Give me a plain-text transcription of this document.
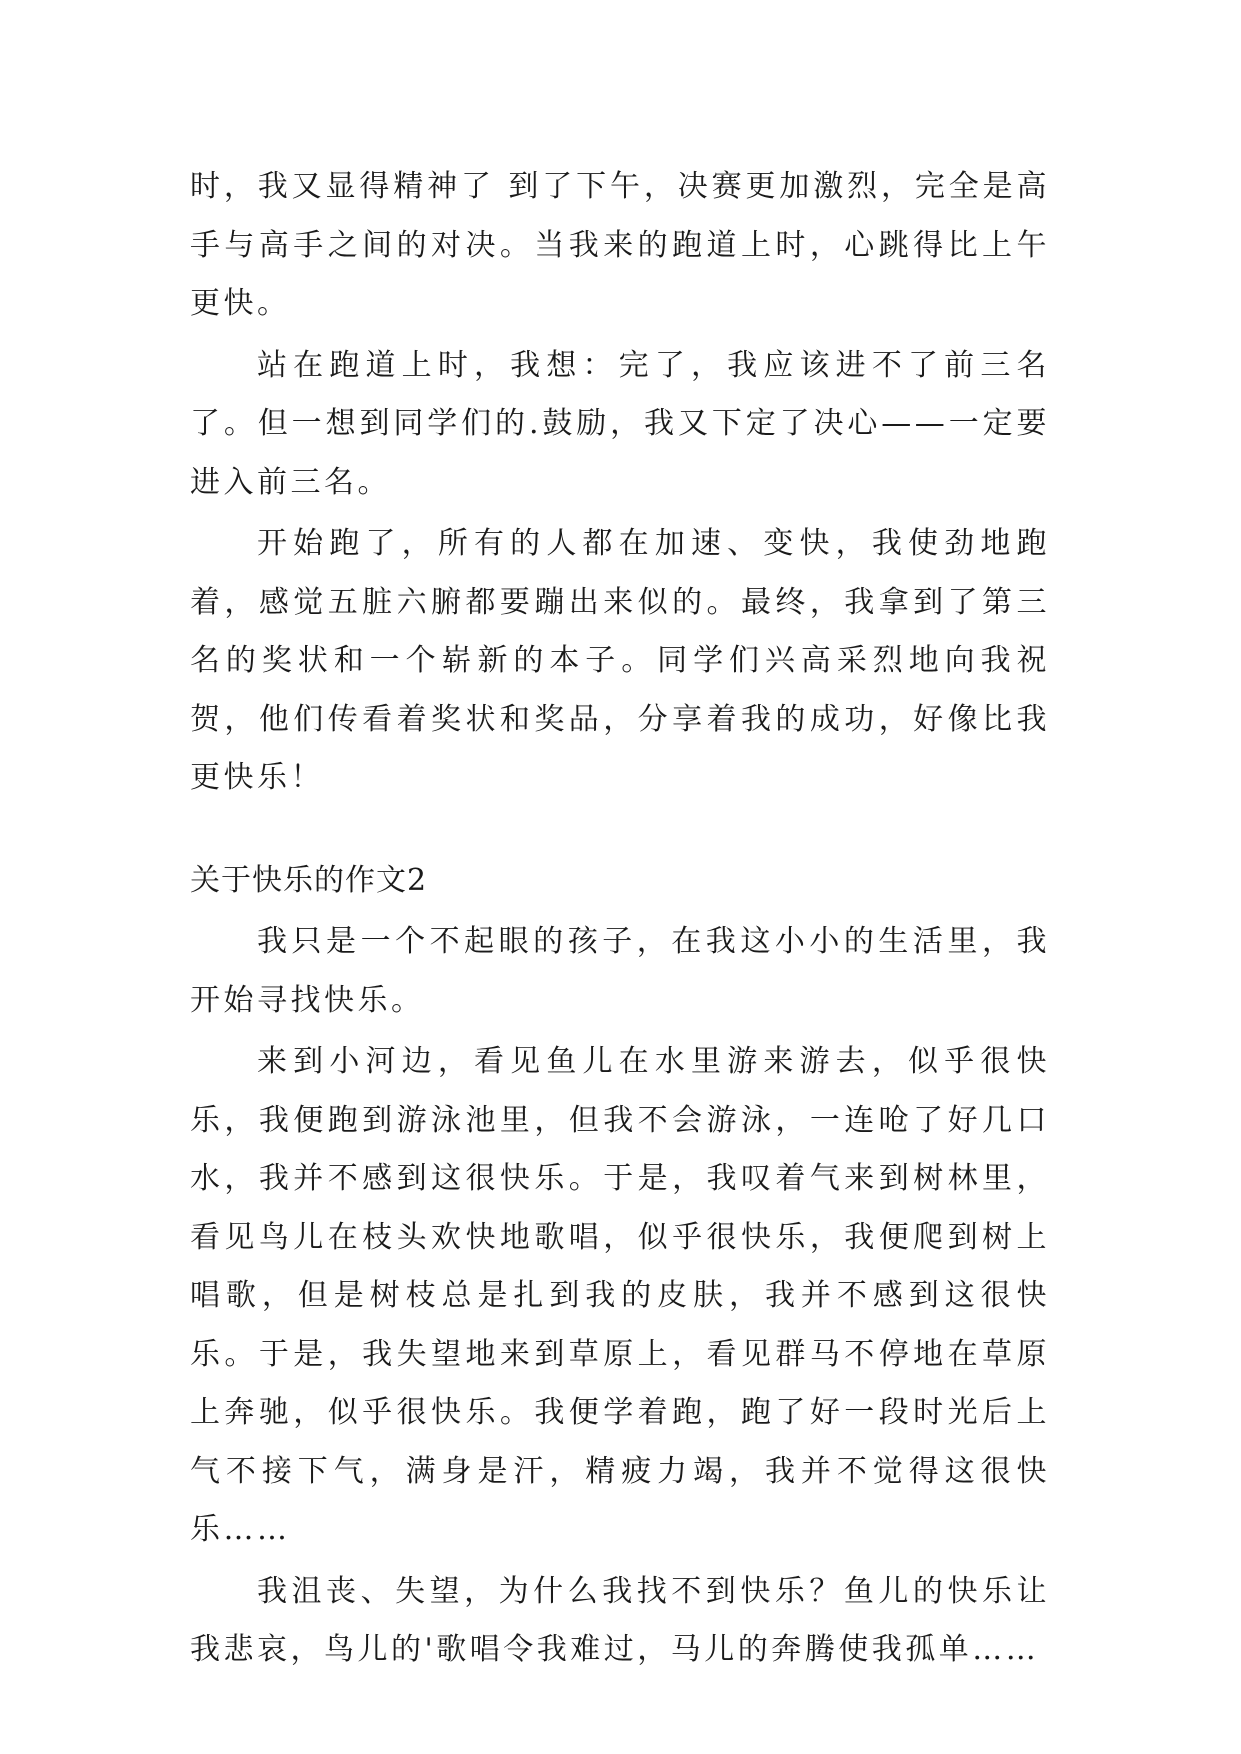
时，我又显得精神了 到了下午，决赛更加激烈，完全是高手与高手之间的对决。当我来的跑道上时，心跳得比上午更快。

站在跑道上时，我想：完了，我应该进不了前三名了。但一想到同学们的.鼓励，我又下定了决心——一定要进入前三名。

开始跑了，所有的人都在加速、变快，我使劲地跑着，感觉五脏六腑都要蹦出来似的。最终，我拿到了第三名的奖状和一个崭新的本子。同学们兴高采烈地向我祝贺，他们传看着奖状和奖品，分享着我的成功，好像比我更快乐！

关于快乐的作文2

我只是一个不起眼的孩子，在我这小小的生活里，我开始寻找快乐。

来到小河边，看见鱼儿在水里游来游去，似乎很快乐，我便跑到游泳池里，但我不会游泳，一连呛了好几口水，我并不感到这很快乐。于是，我叹着气来到树林里，看见鸟儿在枝头欢快地歌唱，似乎很快乐，我便爬到树上唱歌，但是树枝总是扎到我的皮肤，我并不感到这很快乐。于是，我失望地来到草原上，看见群马不停地在草原上奔驰，似乎很快乐。我便学着跑，跑了好一段时光后上气不接下气，满身是汗，精疲力竭，我并不觉得这很快乐……

我沮丧、失望，为什么我找不到快乐？鱼儿的快乐让我悲哀，鸟儿的'歌唱令我难过，马儿的奔腾使我孤单……
